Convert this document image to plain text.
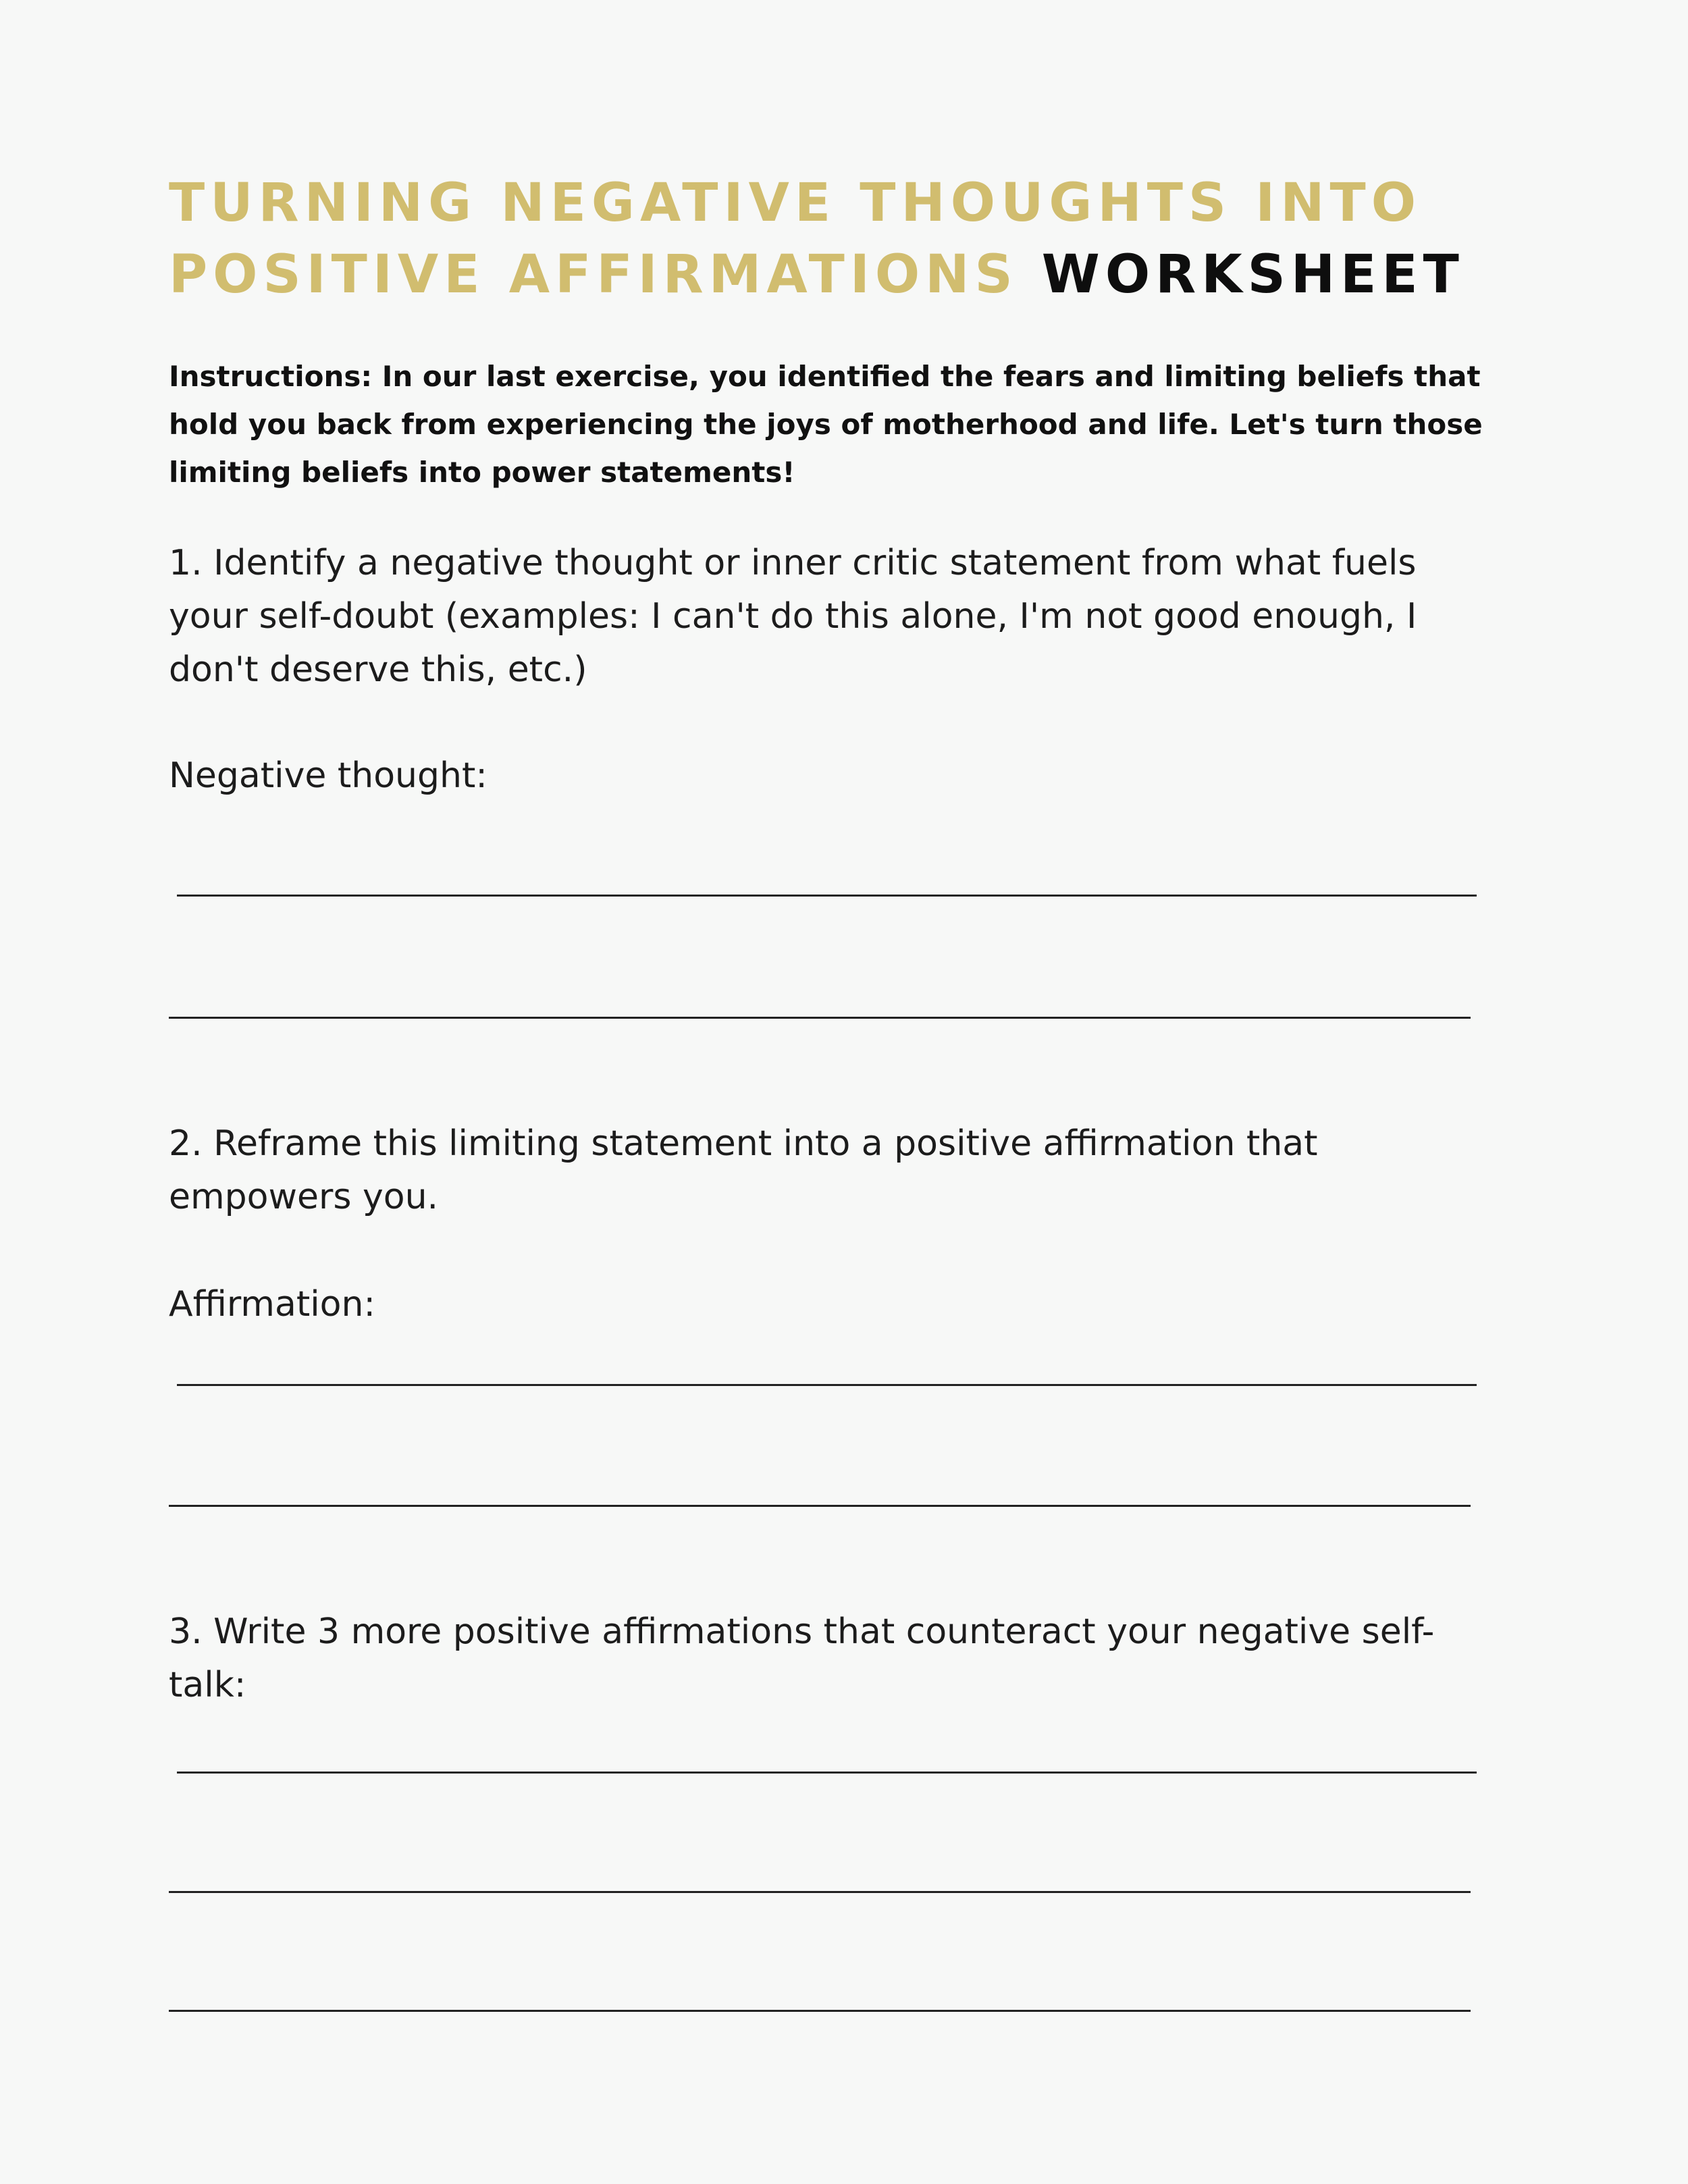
TURNING NEGATIVE THOUGHTS INTO
POSITIVE AFFIRMATIONS WORKSHEET

Instructions: In our last exercise, you identified the fears and limiting beliefs that hold you back from experiencing the joys of motherhood and life. Let's turn those limiting beliefs into power statements!

1. Identify a negative thought or inner critic statement from what fuels your self-doubt (examples: I can't do this alone, I'm not good enough, I don't deserve this, etc.)

Negative thought:

2. Reframe this limiting statement into a positive affirmation that empowers you.

Affirmation:

3. Write 3 more positive affirmations that counteract your negative self-talk:
